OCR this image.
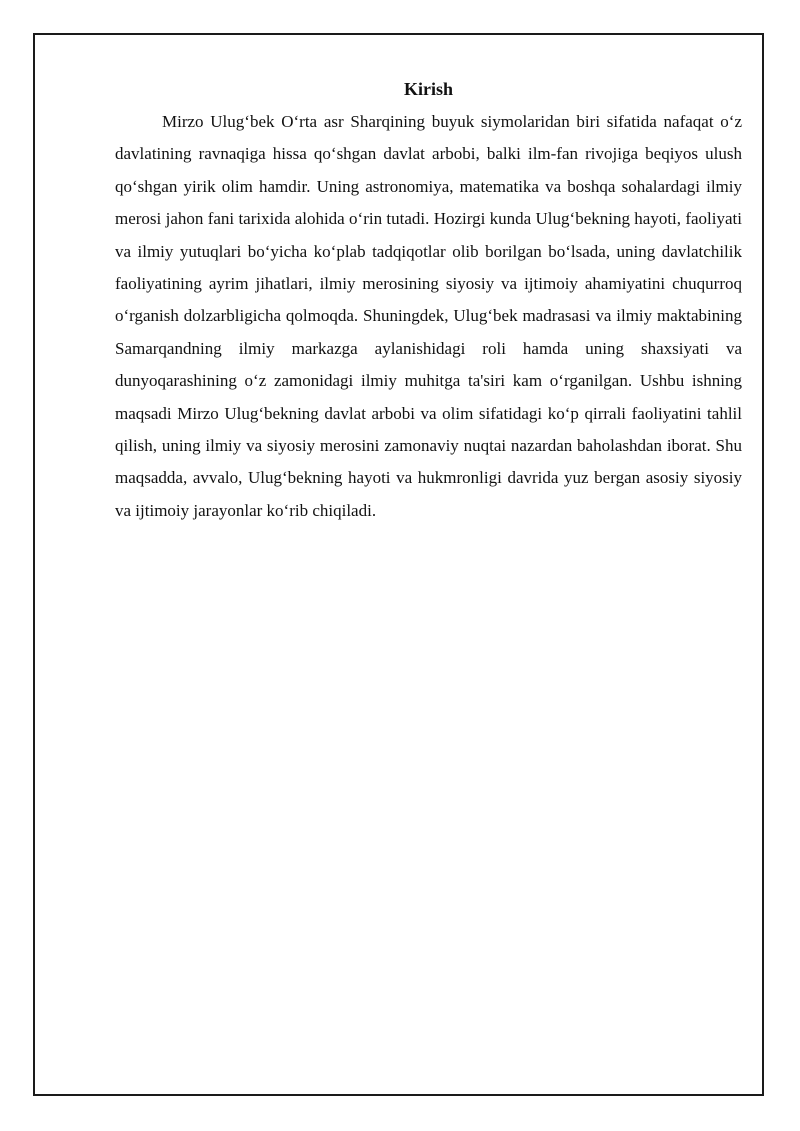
Kirish

Mirzo Ulug‘bek O‘rta asr Sharqining buyuk siymolaridan biri sifatida nafaqat o‘z davlatining ravnaqiga hissa qo‘shgan davlat arbobi, balki ilm-fan rivojiga beqiyos ulush qo‘shgan yirik olim hamdir. Uning astronomiya, matematika va boshqa sohalardagi ilmiy merosi jahon fani tarixida alohida o‘rin tutadi. Hozirgi kunda Ulug‘bekning hayoti, faoliyati va ilmiy yutuqlari bo‘yicha ko‘plab tadqiqotlar olib borilgan bo‘lsada, uning davlatchilik faoliyatining ayrim jihatlari, ilmiy merosining siyosiy va ijtimoiy ahamiyatini chuqurroq o‘rganish dolzarbligicha qolmoqda. Shuningdek, Ulug‘bek madrasasi va ilmiy maktabining Samarqandning ilmiy markazga aylanishidagi roli hamda uning shaxsiyati va dunyoqarashining o‘z zamonidagi ilmiy muhitga ta'siri kam o‘rganilgan. Ushbu ishning maqsadi Mirzo Ulug‘bekning davlat arbobi va olim sifatidagi ko‘p qirrali faoliyatini tahlil qilish, uning ilmiy va siyosiy merosini zamonaviy nuqtai nazardan baholashdan iborat. Shu maqsadda, avvalo, Ulug‘bekning hayoti va hukmronligi davrida yuz bergan asosiy siyosiy va ijtimoiy jarayonlar ko‘rib chiqiladi.
